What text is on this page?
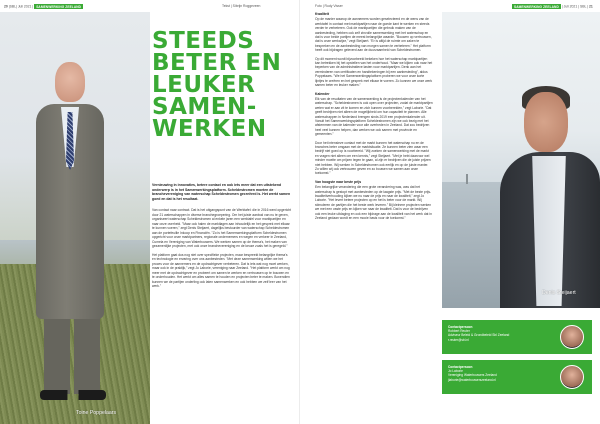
20 |SBL| Juli 2021 | SAMENWERKING ZEELAND	Tekst | Sibrijn Roggeveen
Toine Poppelaars
STEEDS
BETER EN
LEUKER
SAMEN-
WERKEN
Vernieuwing in innovaties, betere contact en ook iets meer dat een uitstekend onderwerp is in het Samenwerkingsplatform. Scheldestromen moeten de branchevereniging van waterschap Scheldestromen gecreëerd is. Het werkt samen goed en dat is het resultaat.

Van contact naar contract. Dat is het uitgangspunt van de Werktafel: die in 2016 werd opgericht door 21 waterschappen in diverse branchegroepering. Om het juiste aanbod van nu te geven, organiseert waterschap Scheldestromen al enkele jaren een werktafel voor marktpartijen en naar onze overheid. "Maar ook halen de marktlagen aan inhoudelijk en het gesprek met elkaar te kunnen voeren," zegt Denis Steijaert, dagelijks bestuurder van waterschap Scheldestromen aan de portefeuille Inkoop en Financiën. "Zo is het Samenwerkingsplatform Scheldestromen opgericht voor onze marktpartners, regionale ondernemers en wegen en verkeer in Zeeland, Cumela en Vereniging van Waterbouwers. We werken samen op de thema's, het maken van gezamenlijke projecten, met ook onze branchevereniging en de keuze zoals het is geregeld."

Het platform gaat dus nog niet over specifieke projecten, maar bespreekt belangrijke thema's en technologie en ervaring over ons aanbesteden. "Met deze samenwerking willen we het proces voor de aannemers en de opdrachtgever verbeteren. Dat is iets wat nog moet werken, maar ook in de praktijk," zegt Jo Laborie, vereniging naar Zeeland. "Het platform werkt om nog meer met de opdrachtgever en probeert om samen te werken en vertrouwen op te bouwen en te onderhouden. Het werkt om alles samen te houden en projecten beter te maken. Bovendien kunnen we de partijen onderling ook laten samenwerken en ook hebben we zelf leer van het werk."

Foto | Rudy Visser	SAMENWERKING ZEELAND | Juli 2021 | SBL | 21
Kwaliteit

Op de manier waarop de aannemers worden geselecteerd en de wens van de werktafel in contact met marktpartijen naar de goede kant te werken en steeds verder te verbeteren. Ook de marktpartijen die gebruik maken van de aanbesteding, hebben ook zelf zinvolle samenwerking met het waterschap en dat is voor beide partijen de meest belangrijke waarde. "Bouwen op vertrouwen, dat is onze werkwijze," zegt Steijaert. "Er is altijd de ruimte om zaken te bespreken en de aanbesteding van morgen samen te verbeteren." Het platform heeft ook bijdragen geleverd aan de duurzaamheid van Scheldestromen.

Op dit moment wordt bijvoorbeeld bekeken hoe het waterschap marktpartijen kan betrekken bij het opstellen van het onderhoud. "Maar we kijken ook naar het beperken van de administratieve lasten voor marktpartijen. Denk aan het verminderen van certificaten en handtekeningen bij een aanbesteding", aldus Poppelaars. "We het Samenwerkingsplatform proberen we voor onze korte lijntjes te creëren en het gesprek met elkaar te voeren. Zo kunnen we onze werk samen beter en leuker maken."

Kalender

Elk van de resultaten van de samenwerking is de projectenkalender van het waterschap. "Scheldestromen is ook open over projecten, zodat de marktpartijen weten wat er aan zit te komen en zich kunnen voorbereiden," zegt Laborie. "Dat geeft bedrijven niet alleen de mogelijkheid om hun capaciteit te plannen. Alle waterschappen in Nederland brengen sinds 2019 een projectenkalender uit. Vanuit het Samenwerkingsplatform Scheldestromen zijn we ook bezig met het afstemmen van de kalender voor alle overheden in Zeeland. Dat zou bedrijven heel veel kunnen helpen, dan werken we ook samen met provincie en gemeenten."

Door het intensieve contact met de markt kunnen het waterschap nu en de branches beter omgaan met de marktsituatie. Ze kunnen beter zien waar een bedrijf niet goed op is voorbereid. "Wij zoeken de samenwerking met de markt en vragen niet alleen om een kennis," zegt Steijaert. "Met je hebt daarvoor wel minder moeite om prijzen tegen te gaan, al zijn er bedrijven die de juiste prijzen niet hebben. Wij werken in Scheldestromen ook eerlijk en op de juiste manier. Zo willen wij ook vertrouwen geven en zo bouwen we samen aan onze toekomst."

Van hoogste naar beste prijs

Een belangrijke verandering die een grote verandering was, was dat het waterschap is gestopt met aanbesteden op de laagste prijs. "Met de beste prijs-kwaliteitverhouding kijken we nu naar de prijs en naar de kwaliteit," zegt Jo Laborie. "Het levert betere projecten op en het is beter voor de markt. Wij stimuleren de partijen die het beste werk leveren." Bij kleinere projecten werken we met een vaste prijs en kijken we naar de kwaliteit. Dat is voor de bedrijven ook een leuke uitdaging en ook een bijdrage aan de kwaliteit van het werk dat in Zeeland gedaan wordt en een mooie basis voor de toekomst."

Denis Steijaert
Contactpersoon
Robbert Reuter
Adviseur Beleid & Grondbeleid Sbl Zeeland
r.reuter@sbl.nl
Contactpersoon
Jo Laborie
Vereniging Waterbouwers Zeeland
jlaborie@waterbouwerszeeland.nl
